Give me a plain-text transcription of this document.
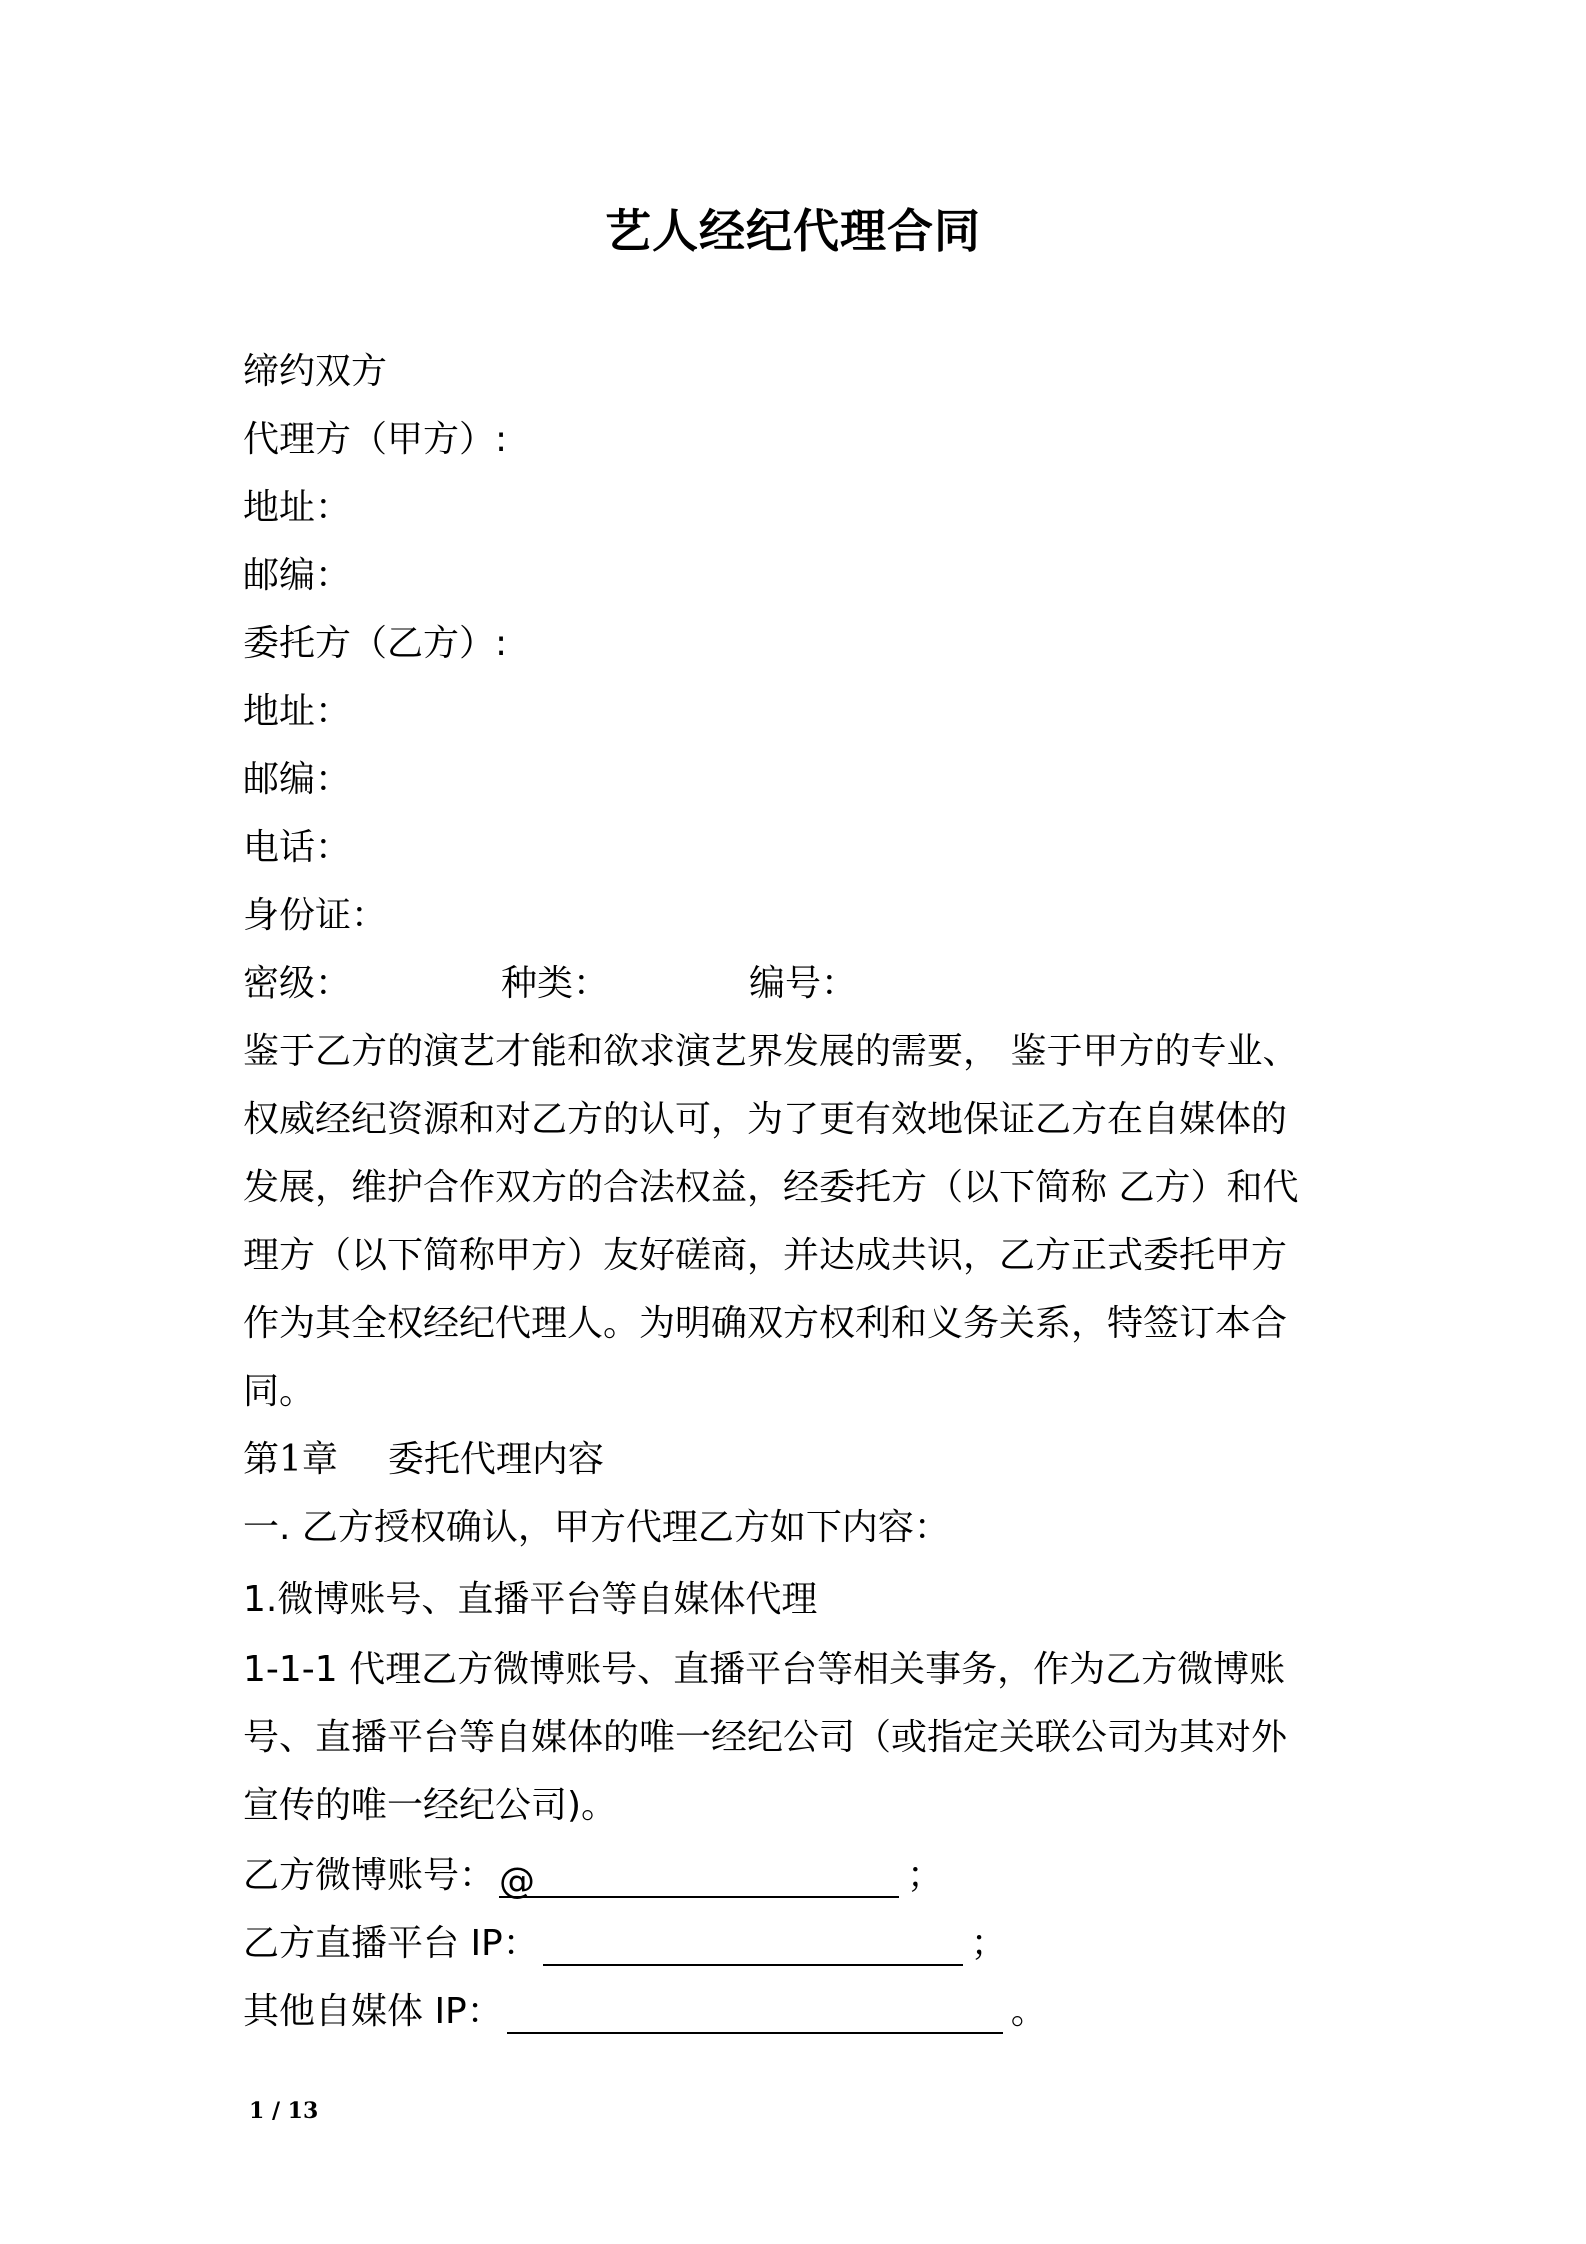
艺人经纪代理合同
缔约双方
代理方（甲方）:
地址：
邮编：
委托方（乙方）:
地址：
邮编：
电话：
身份证：
密级：	种类：	编号：
鉴于乙方的演艺才能和欲求演艺界发展的需要， 鉴于甲方的专业、
权威经纪资源和对乙方的认可，为了更有效地保证乙方在自媒体的
发展，维护合作双方的合法权益，经委托方（以下简称 乙方）和代
理方（以下简称甲方）友好磋商，并达成共识，乙方正式委托甲方
作为其全权经纪代理人。为明确双方权利和义务关系，特签订本合
同。
第1章 委托代理内容
一. 乙方授权确认，甲方代理乙方如下内容：
1.微博账号、直播平台等自媒体代理
1-1-1 代理乙方微博账号、直播平台等相关事务，作为乙方微博账
号、直播平台等自媒体的唯一经纪公司（或指定关联公司为其对外
宣传的唯一经纪公司)。
乙方微博账号： @	；
乙方直播平台 IP：	；
其他自媒体 IP：	。
1 / 13
